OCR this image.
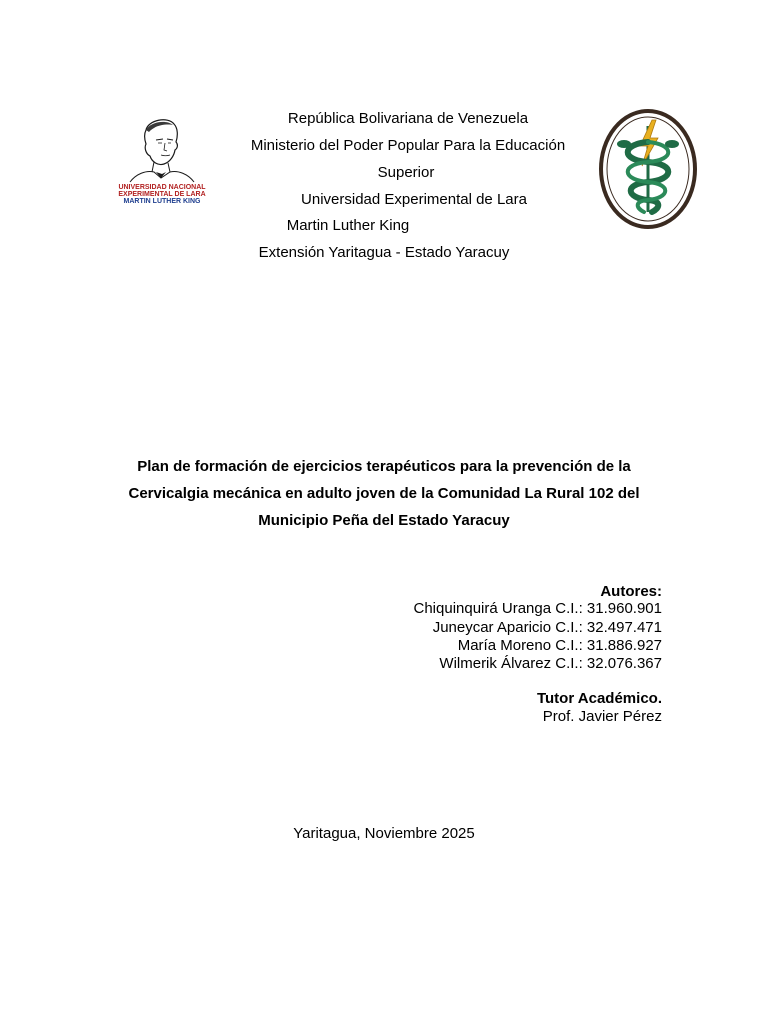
UNIVERSIDAD NACIONAL
EXPERIMENTAL DE LARA
MARTIN LUTHER KING
República Bolivariana de Venezuela
Ministerio del Poder Popular Para la Educación
Superior
Universidad Experimental de Lara
Martin Luther King
Extensión Yaritagua - Estado Yaracuy
Plan de formación de ejercicios terapéuticos para la prevención de la
Cervicalgia mecánica en adulto joven de la Comunidad La Rural 102 del
Municipio Peña del Estado Yaracuy
Autores:
Chiquinquirá Uranga C.I.: 31.960.901
Juneycar Aparicio C.I.: 32.497.471
María Moreno C.I.: 31.886.927
Wilmerik Álvarez C.I.: 32.076.367
Tutor Académico.
Prof. Javier Pérez
Yaritagua, Noviembre 2025
